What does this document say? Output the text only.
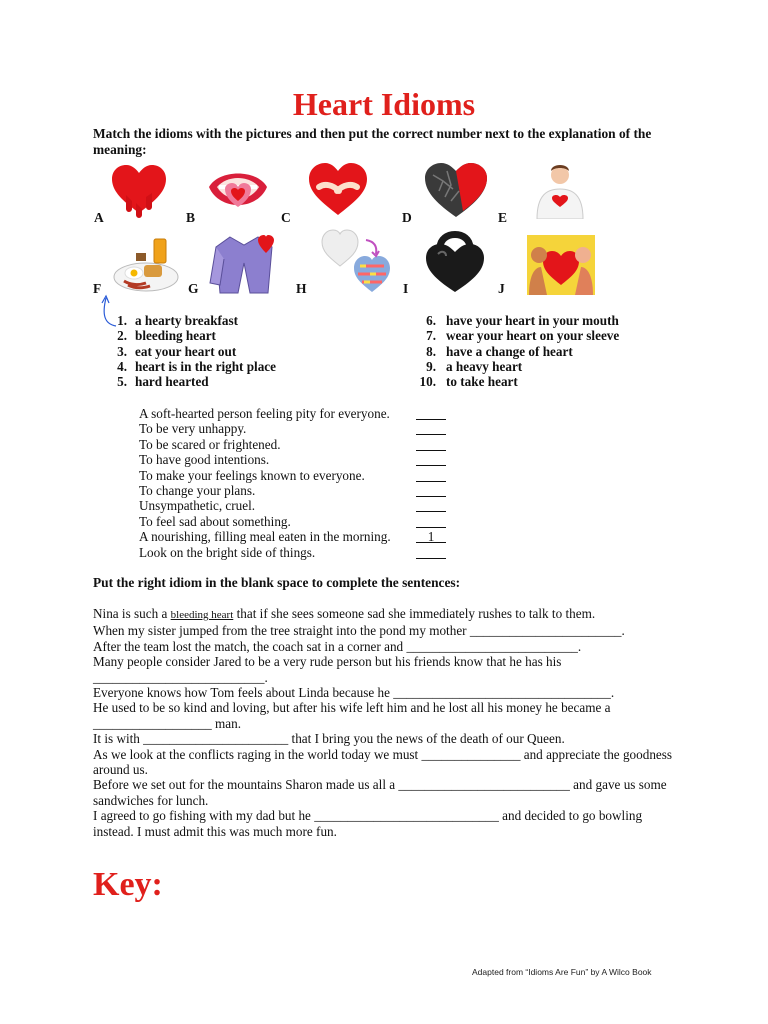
Heart Idioms
Match the idioms with the pictures and then put the correct number next to the explanation of the meaning:
A	B	C	D	E
F	G	H	I	J
1. a hearty breakfast
2. bleeding heart
3. eat your heart out
4. heart is in the right place
5. hard hearted
6. have your heart in your mouth
7. wear your heart on your sleeve
8. have a change of heart
9. a heavy heart
10. to take heart
A soft-hearted person feeling pity for everyone.
To be very unhappy.
To be scared or frightened.
To have good intentions.
To make your feelings known to everyone.
To change your plans.
Unsympathetic, cruel.
To feel sad about something.
A nourishing, filling meal eaten in the morning.	1
Look on the bright side of things.
Put the right idiom in the blank space to complete the sentences:

Nina is such a bleeding heart that if she sees someone sad she immediately rushes to talk to them.

When my sister jumped from the tree straight into the pond my mother _______________________.

After the team lost the match, the coach sat in a corner and __________________________.

Many people consider Jared to be a very rude person but his friends know that he has his __________________________.

Everyone knows how Tom feels about Linda because he _________________________________.

He used to be so kind and loving, but after his wife left him and he lost all his money he became a __________________ man.

It is with ______________________ that I bring you the news of the death of our Queen.

As we look at the conflicts raging in the world today we must _______________ and appreciate the goodness around us.

Before we set out for the mountains Sharon made us all a __________________________ and gave us some sandwiches for lunch.

I agreed to go fishing with my dad but he ____________________________ and decided to go bowling instead. I must admit this was much more fun.

Key:
Adapted from “Idioms Are Fun” by A Wilco Book
